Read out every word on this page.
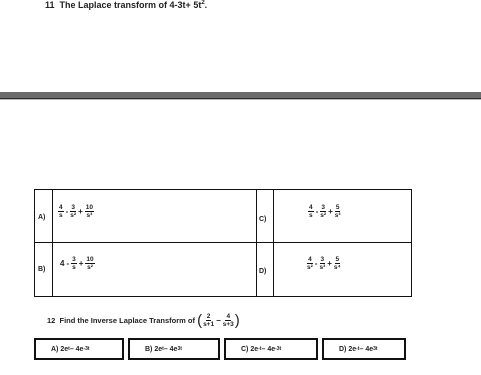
11 The Laplace transform of $4-3t+ 5t^2$.
$A) \frac{4}{s} - \frac{3}{\text{s²}} + \frac{10}{\text{s³}}$
C)
$\frac{4}{s} - \frac{3}{\text{s²}} + \frac{5}{\text{s³}}$
B)
$4 - \frac{3}{s} + \frac{10}{\text{s²}}$
D)
$\frac{4}{\text{s²}} - \frac{3}{\text{s³}} + \frac{5}{\text{s⁴}}$
12
Find the Inverse Laplace Transform of
( $\frac{2}{s+1} - \frac{4}{s+3}$ )
A)
2e t – 4e -3t	B)
2e t – 4e 3t	C)
2e -t – 4e -3t	D)
2e -t – 4e 3t
